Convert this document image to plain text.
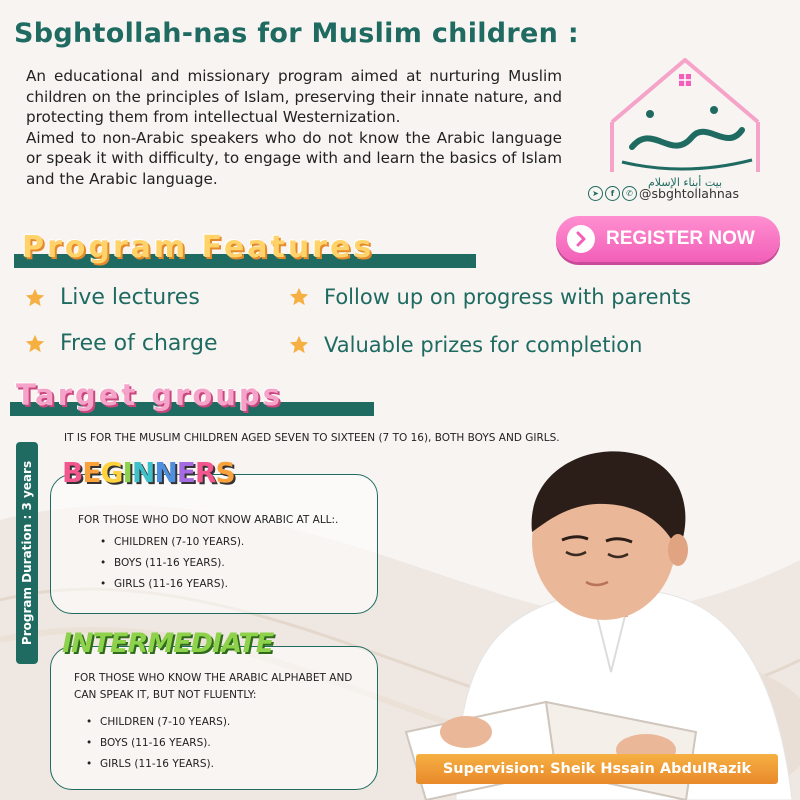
Sbghtollah-nas for Muslim children :

An educational and missionary program aimed at nurturing Muslim children on the principles of Islam, preserving their innate nature, and protecting them from intellectual Westernization.

Aimed to non-Arabic speakers who do not know the Arabic language or speak it with difficulty, to engage with and learn the basics of Islam and the Arabic language.	بيت أبناء الإسلام
➤	f	✆ @sbghtollahnas
REGISTER NOW
Program Features
Live lectures	Follow up on progress with parents
Free of charge	Valuable prizes for completion
Target groups
IT IS FOR THE MUSLIM CHILDREN AGED SEVEN TO SIXTEEN (7 TO 16), BOTH BOYS AND GIRLS.
Program Duration : 3 years BEGINNERS
FOR THOSE WHO DO NOT KNOW ARABIC AT ALL:.
• CHILDREN (7-10 YEARS).
• BOYS (11-16 YEARS).
• GIRLS (11-16 YEARS).
INTERMEDIATE
FOR THOSE WHO KNOW THE ARABIC ALPHABET AND CAN SPEAK IT, BUT NOT FLUENTLY:
• CHILDREN (7-10 YEARS).
• BOYS (11-16 YEARS).
• GIRLS (11-16 YEARS).	Supervision: Sheik Hssain AbdulRazik
